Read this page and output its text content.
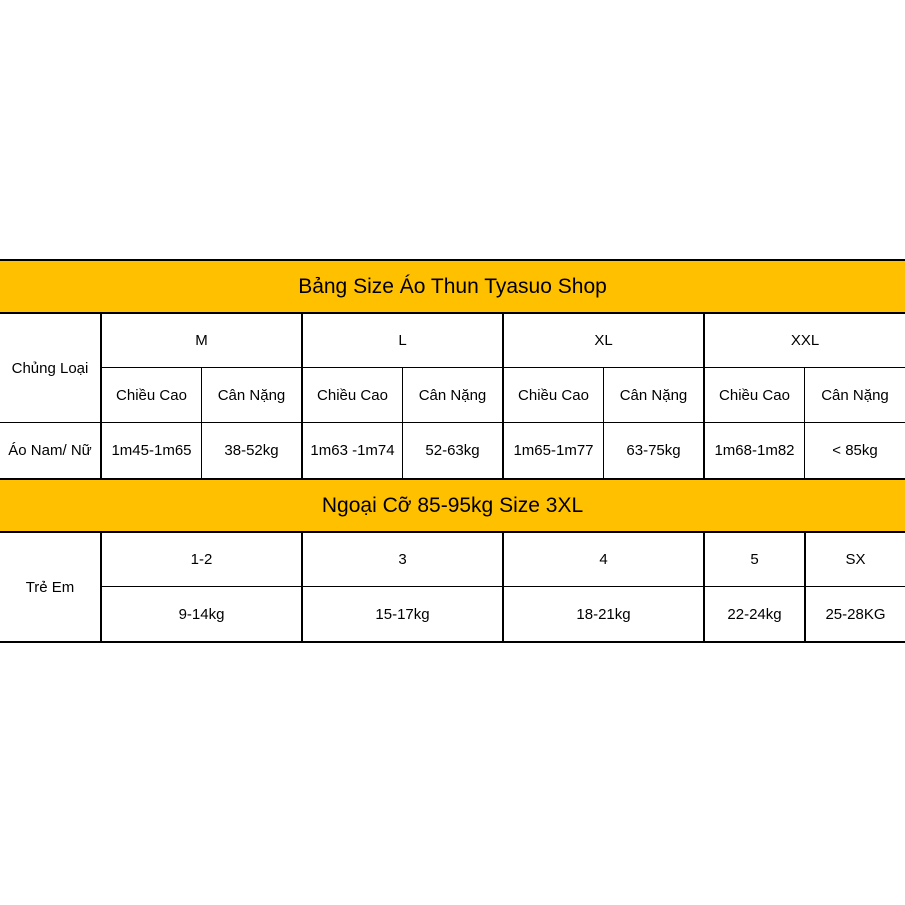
Bảng Size Áo Thun Tyasuo Shop
Chủng Loại
M	L	XL	XXL
Chiều Cao	Cân Nặng	Chiều Cao	Cân Nặng	Chiều Cao	Cân Nặng	Chiều Cao	Cân Nặng
Áo Nam/ Nữ	1m45-1m65	38-52kg	1m63 -1m74	52-63kg	1m65-1m77	63-75kg	1m68-1m82	< 85kg
Ngoại Cỡ 85-95kg Size 3XL
Trẻ Em
1-2	3	4	5	SX
9-14kg	15-17kg	18-21kg	22-24kg	25-28KG
